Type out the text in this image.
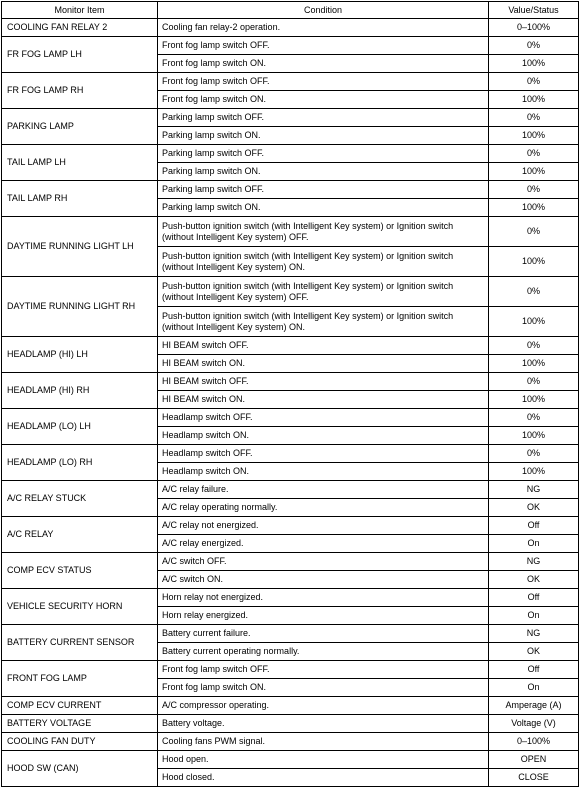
Monitor Item	Condition	Value/Status
COOLING FAN RELAY 2	Cooling fan relay-2 operation.	0–100%
FR FOG LAMP LH	Front fog lamp switch OFF.	0%
	Front fog lamp switch ON.	100%
FR FOG LAMP RH	Front fog lamp switch OFF.	0%
	Front fog lamp switch ON.	100%
PARKING LAMP	Parking lamp switch OFF.	0%
	Parking lamp switch ON.	100%
TAIL LAMP LH	Parking lamp switch OFF.	0%
	Parking lamp switch ON.	100%
TAIL LAMP RH	Parking lamp switch OFF.	0%
	Parking lamp switch ON.	100%
DAYTIME RUNNING LIGHT LH	Push-button ignition switch (with Intelligent Key system) or Ignition switch (without Intelligent Key system) OFF.	0%
	Push-button ignition switch (with Intelligent Key system) or Ignition switch (without Intelligent Key system) ON.	100%
DAYTIME RUNNING LIGHT RH	Push-button ignition switch (with Intelligent Key system) or Ignition switch (without Intelligent Key system) OFF.	0%
	Push-button ignition switch (with Intelligent Key system) or Ignition switch (without Intelligent Key system) ON.	100%
HEADLAMP (HI) LH	HI BEAM switch OFF.	0%
	HI BEAM switch ON.	100%
HEADLAMP (HI) RH	HI BEAM switch OFF.	0%
	HI BEAM switch ON.	100%
HEADLAMP (LO) LH	Headlamp switch OFF.	0%
	Headlamp switch ON.	100%
HEADLAMP (LO) RH	Headlamp switch OFF.	0%
	Headlamp switch ON.	100%
A/C RELAY STUCK	A/C relay failure.	NG
	A/C relay operating normally.	OK
A/C RELAY	A/C relay not energized.	Off
	A/C relay energized.	On
COMP ECV STATUS	A/C switch OFF.	NG
	A/C switch ON.	OK
VEHICLE SECURITY HORN	Horn relay not energized.	Off
	Horn relay energized.	On
BATTERY CURRENT SENSOR	Battery current failure.	NG
	Battery current operating normally.	OK
FRONT FOG LAMP	Front fog lamp switch OFF.	Off
	Front fog lamp switch ON.	On
COMP ECV CURRENT	A/C compressor operating.	Amperage (A)
BATTERY VOLTAGE	Battery voltage.	Voltage (V)
COOLING FAN DUTY	Cooling fans PWM signal.	0–100%
HOOD SW (CAN)	Hood open.	OPEN
	Hood closed.	CLOSE
